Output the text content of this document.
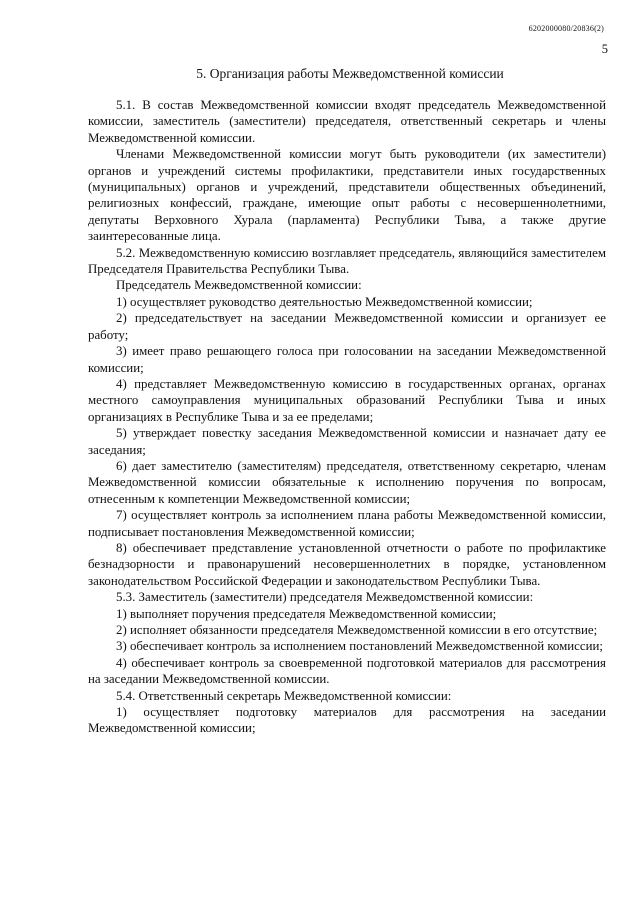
6202000080/20836(2)
5
5. Организация работы Межведомственной комиссии

5.1. В состав Межведомственной комиссии входят председатель Межведомственной комиссии, заместитель (заместители) председателя, ответственный секретарь и члены Межведомственной комиссии.

Членами Межведомственной комиссии могут быть руководители (их заместители) органов и учреждений системы профилактики, представители иных государственных (муниципальных) органов и учреждений, представители общественных объединений, религиозных конфессий, граждане, имеющие опыт работы с несовершеннолетними, депутаты Верховного Хурала (парламента) Республики Тыва, а также другие заинтересованные лица.

5.2. Межведомственную комиссию возглавляет председатель, являющийся заместителем Председателя Правительства Республики Тыва.

Председатель Межведомственной комиссии:

1) осуществляет руководство деятельностью Межведомственной комиссии;

2) председательствует на заседании Межведомственной комиссии и организует ее работу;

3) имеет право решающего голоса при голосовании на заседании Межведомственной комиссии;

4) представляет Межведомственную комиссию в государственных органах, органах местного самоуправления муниципальных образований Республики Тыва и иных организациях в Республике Тыва и за ее пределами;

5) утверждает повестку заседания Межведомственной комиссии и назначает дату ее заседания;

6) дает заместителю (заместителям) председателя, ответственному секретарю, членам Межведомственной комиссии обязательные к исполнению поручения по вопросам, отнесенным к компетенции Межведомственной комиссии;

7) осуществляет контроль за исполнением плана работы Межведомственной комиссии, подписывает постановления Межведомственной комиссии;

8) обеспечивает представление установленной отчетности о работе по профилактике безнадзорности и правонарушений несовершеннолетних в порядке, установленном законодательством Российской Федерации и законодательством Республики Тыва.

5.3. Заместитель (заместители) председателя Межведомственной комиссии:

1) выполняет поручения председателя Межведомственной комиссии;

2) исполняет обязанности председателя Межведомственной комиссии в его отсутствие;

3) обеспечивает контроль за исполнением постановлений Межведомственной комиссии;

4) обеспечивает контроль за своевременной подготовкой материалов для рассмотрения на заседании Межведомственной комиссии.

5.4. Ответственный секретарь Межведомственной комиссии:

1) осуществляет подготовку материалов для рассмотрения на заседании Межведомственной комиссии;
